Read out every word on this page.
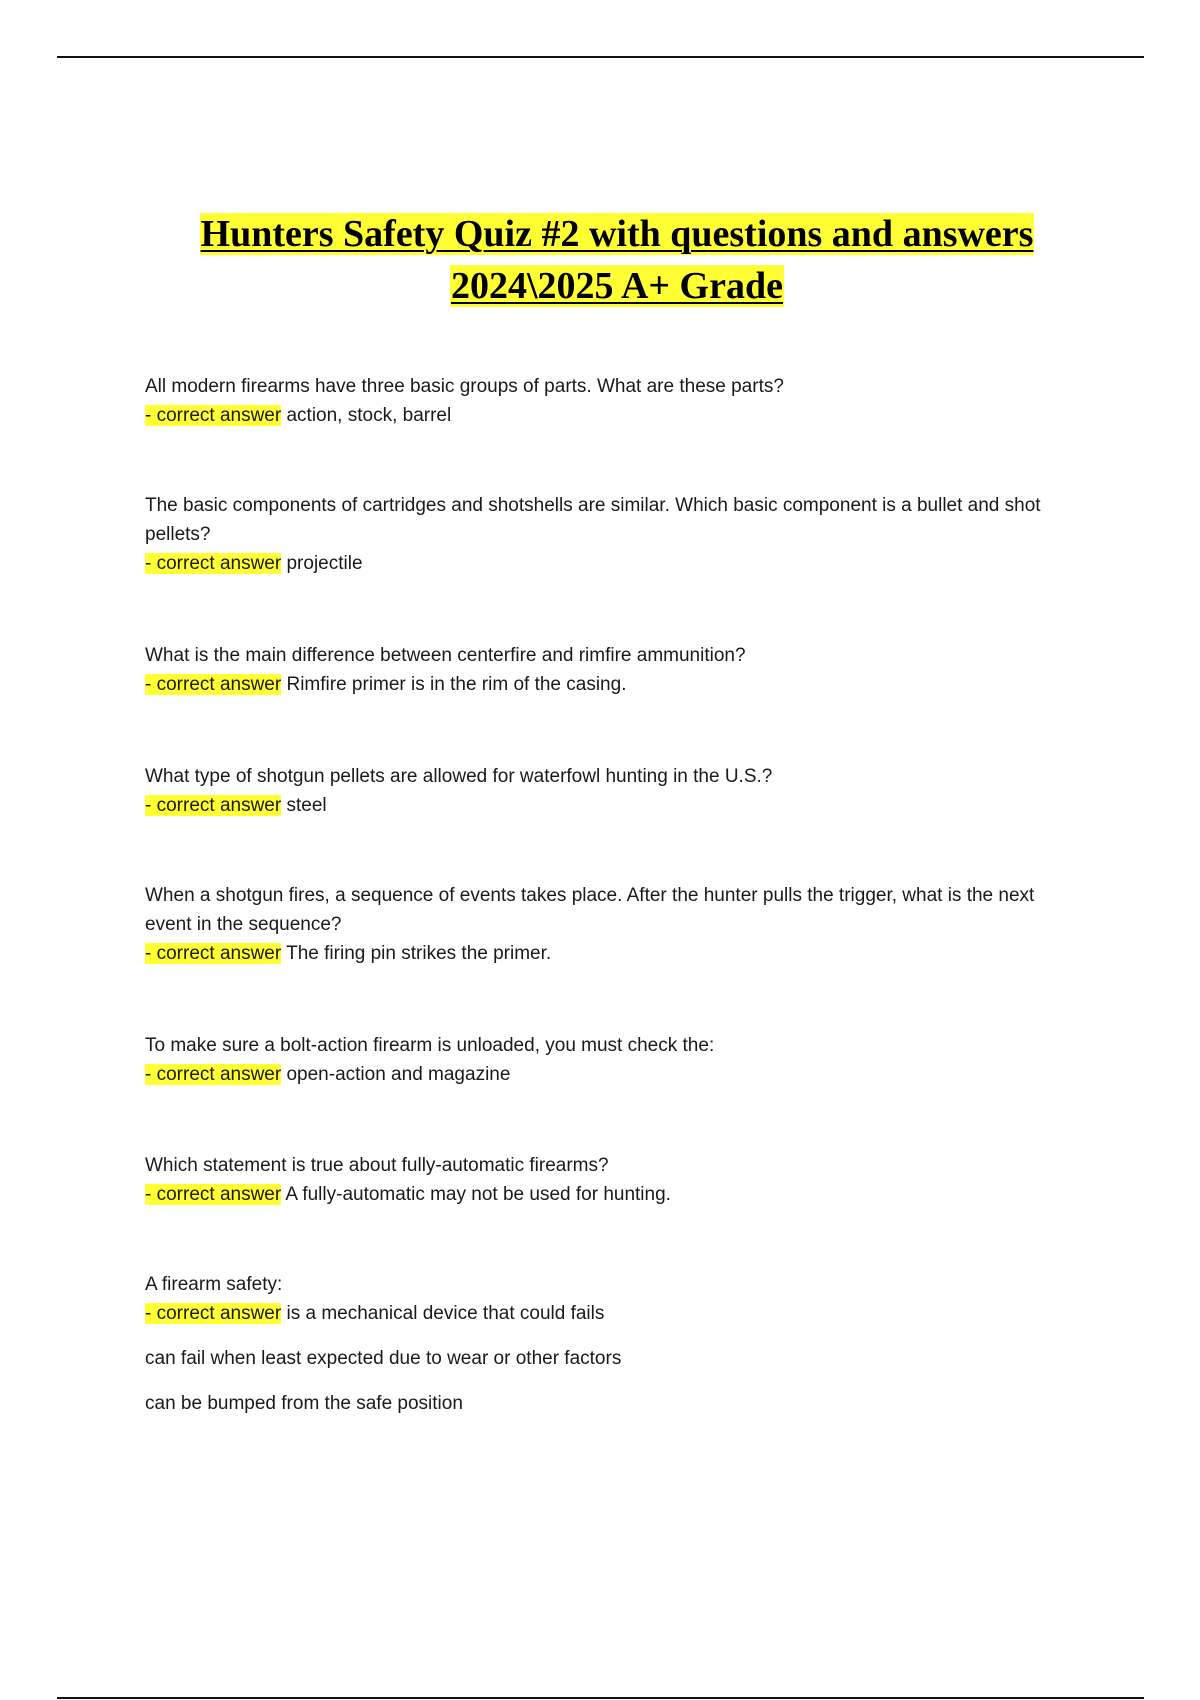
Hunters Safety Quiz #2 with questions and answers
2024\2025 A+ Grade
All modern firearms have three basic groups of parts. What are these parts?
- correct answer action, stock, barrel
The basic components of cartridges and shotshells are similar. Which basic component is a bullet and shot pellets?
- correct answer projectile
What is the main difference between centerfire and rimfire ammunition?
- correct answer Rimfire primer is in the rim of the casing.
What type of shotgun pellets are allowed for waterfowl hunting in the U.S.?
- correct answer steel
When a shotgun fires, a sequence of events takes place. After the hunter pulls the trigger, what is the next event in the sequence?
- correct answer The firing pin strikes the primer.
To make sure a bolt-action firearm is unloaded, you must check the:
- correct answer open-action and magazine
Which statement is true about fully-automatic firearms?
- correct answer A fully-automatic may not be used for hunting.
A firearm safety:
- correct answer is a mechanical device that could fails
can fail when least expected due to wear or other factors
can be bumped from the safe position
